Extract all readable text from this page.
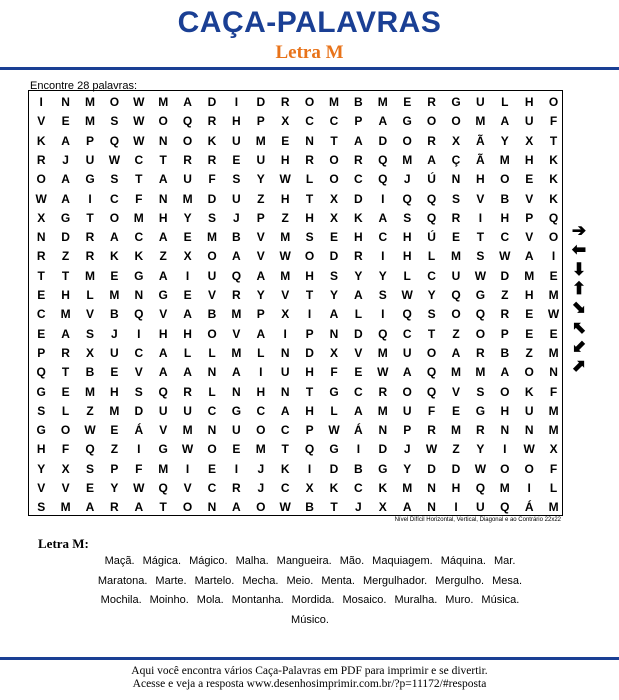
CAÇA-PALAVRAS
Letra M
Encontre 28 palavras:
I	N	M	O	W	M	A	D	I	D	R	O	M	B	M	E	R	G	U	L	H	O
V	E	M	S	W	O	Q	R	H	P	X	C	C	P	A	G	O	O	M	A	U	F
K	A	P	Q	W	N	O	K	U	M	E	N	T	A	D	O	R	X	Ã	Y	X	T
R	J	U	W	C	T	R	R	E	U	H	R	O	R	Q	M	A	Ç	Ã	M	H	K
O	A	G	S	T	A	U	F	S	Y	W	L	O	C	Q	J	Ú	N	H	O	E	K
W	A	I	C	F	N	M	D	U	Z	H	T	X	D	I	Q	Q	S	V	B	V	K
X	G	T	O	M	H	Y	S	J	P	Z	H	X	K	A	S	Q	R	I	H	P	Q
N	D	R	A	C	A	E	M	B	V	M	S	E	H	C	H	Ú	E	T	C	V	O
R	Z	R	K	K	Z	X	O	A	V	W	O	D	R	I	H	L	M	S	W	A	I
T	T	M	E	G	A	I	U	Q	A	M	H	S	Y	Y	L	C	U	W	D	M	E
E	H	L	M	N	G	E	V	R	Y	V	T	Y	A	S	W	Y	Q	G	Z	H	M
C	M	V	B	Q	V	A	B	M	P	X	I	A	L	I	Q	S	O	Q	R	E	W
E	A	S	J	I	H	H	O	V	A	I	P	N	D	Q	C	T	Z	O	P	E	E
P	R	X	U	C	A	L	L	M	L	N	D	X	V	M	U	O	A	R	B	Z	M
Q	T	B	E	V	A	A	N	A	I	U	H	F	E	W	A	Q	M	M	A	O	N
G	E	M	H	S	Q	R	L	N	H	N	T	G	C	R	O	Q	V	S	O	K	F
S	L	Z	M	D	U	U	C	G	C	A	H	L	A	M	U	F	E	G	H	U	M
G	O	W	E	Á	V	M	N	U	O	C	P	W	Á	N	P	R	M	R	N	N	M
H	F	Q	Z	I	G	W	O	E	M	T	Q	G	I	D	J	W	Z	Y	I	W	X
Y	X	S	P	F	M	I	E	I	J	K	I	D	B	G	Y	D	D	W	O	O	F
V	V	E	Y	W	Q	V	C	R	J	C	X	K	C	K	M	N	H	Q	M	I	L
S	M	A	R	A	T	O	N	A	O	W	B	T	J	X	A	N	I	U	Q	Á	M
➔
⬅
⬇
⬆
⬊
⬉
⬋
⬈
Nível Difícil Horizontal, Vertical, Diagonal e ao Contrário 22x22
Letra M:
Maçã. Mágica. Mágico. Malha. Mangueira. Mão. Maquiagem. Máquina. Mar.
Maratona. Marte. Martelo. Mecha. Meio. Menta. Mergulhador. Mergulho. Mesa.
Mochila. Moinho. Mola. Montanha. Mordida. Mosaico. Muralha. Muro. Música.
Músico.
Aqui você encontra vários Caça-Palavras em PDF para imprimir e se divertir.
Acesse e veja a resposta www.desenhosimprimir.com.br/?p=11172/#resposta
